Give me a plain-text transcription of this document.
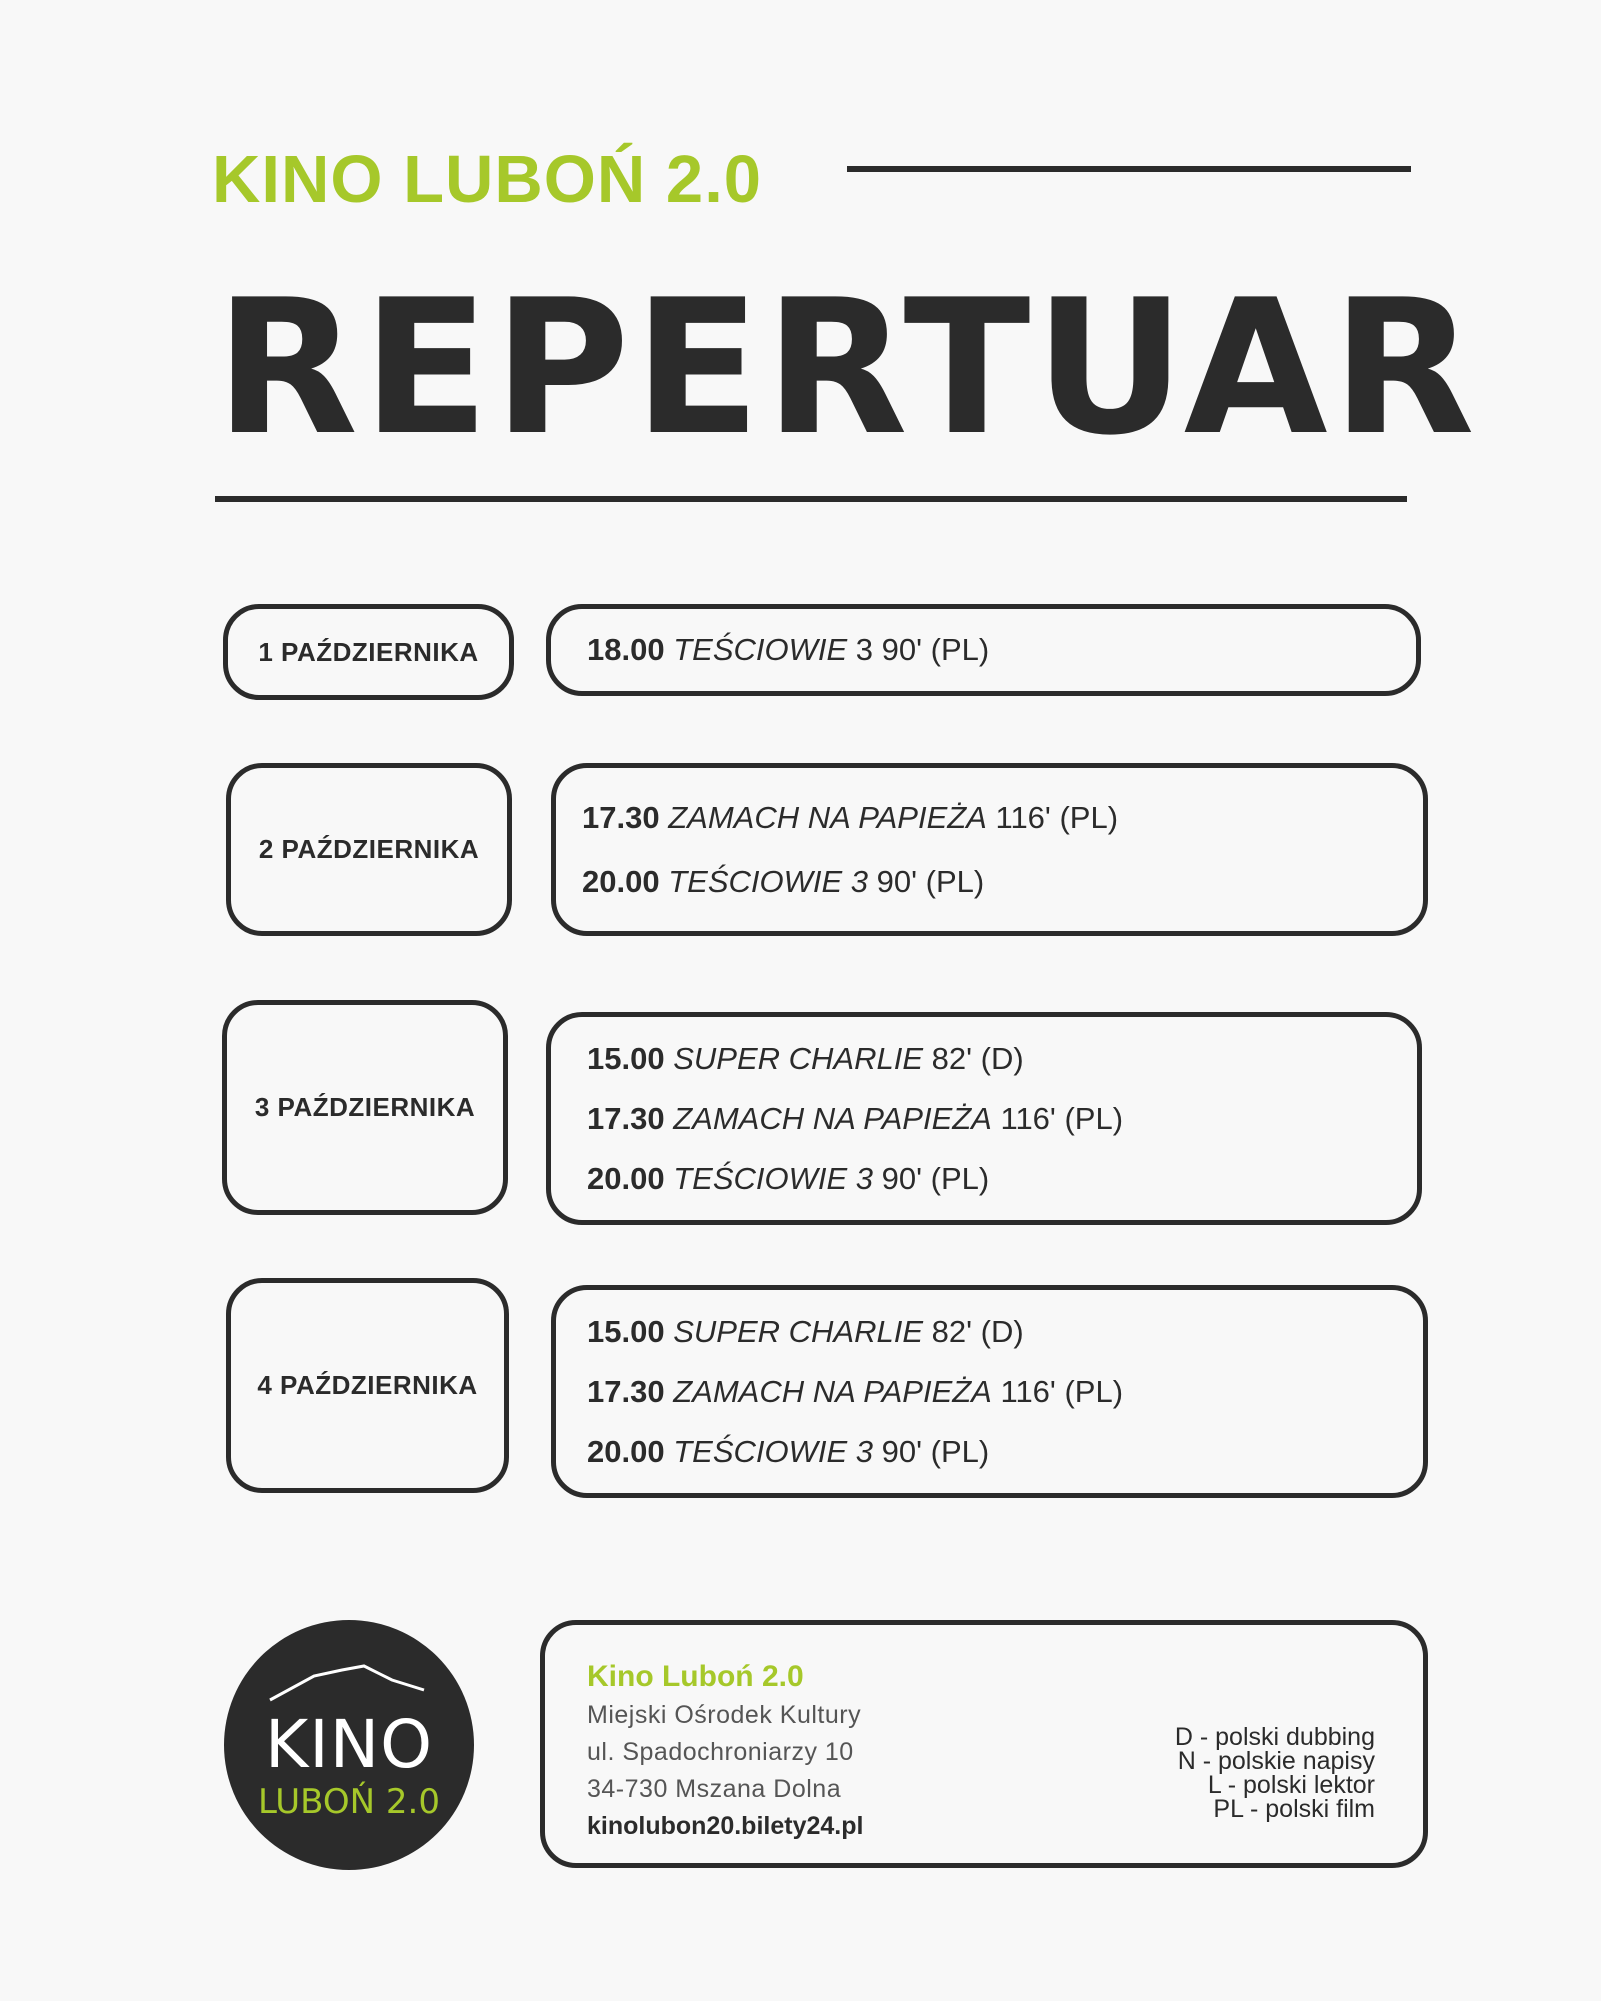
KINO LUBOŃ 2.0
REPERTUAR
1 PAŹDZIERNIKA	18.00 TEŚCIOWIE 3 90' (PL)
2 PAŹDZIERNIKA
17.30 ZAMACH NA PAPIEŻA 116' (PL)
20.00 TEŚCIOWIE 3 90' (PL)
3 PAŹDZIERNIKA
15.00 SUPER CHARLIE 82' (D)
17.30 ZAMACH NA PAPIEŻA 116' (PL)
20.00 TEŚCIOWIE 3 90' (PL)
4 PAŹDZIERNIKA
15.00 SUPER CHARLIE 82' (D)
17.30 ZAMACH NA PAPIEŻA 116' (PL)
20.00 TEŚCIOWIE 3 90' (PL)
KINO
LUBOŃ 2.0
Kino Luboń 2.0
Miejski Ośrodek Kultury
ul. Spadochroniarzy 10
34-730 Mszana Dolna
kinolubon20.bilety24.pl
D - polski dubbing
N - polskie napisy
L - polski lektor
PL - polski film
